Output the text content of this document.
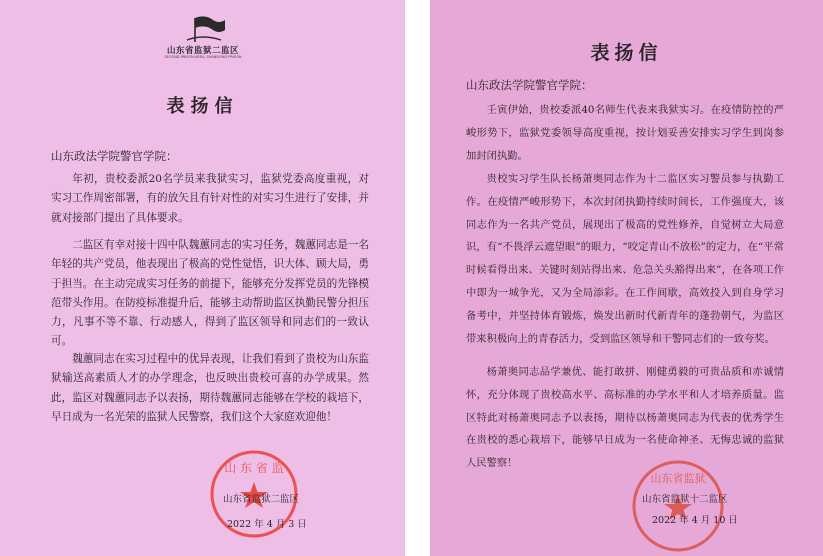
山东省监狱二监区
SECOND PRISON AREA, SHANDONG PRISON
表扬信
山东政法学院警官学院：
年初，贵校委派20名学员来我狱实习，监狱党委高度重视，对实习工作周密部署，有的放矢且有针对性的对实习生进行了安排，并就对接部门提出了具体要求。
二监区有幸对接十四中队魏蕙同志的实习任务，魏蕙同志是一名年轻的共产党员，他表现出了极高的党性觉悟，识大体、顾大局，勇于担当。在主动完成实习任务的前提下，能够充分发挥党员的先锋模范带头作用。在防疫标准提升后，能够主动帮助监区执勤民警分担压力，凡事不等不靠、行动感人，得到了监区领导和同志们的一致认可。
魏蕙同志在实习过程中的优异表现，让我们看到了贵校为山东监狱输送高素质人才的办学理念，也反映出贵校可喜的办学成果。然此，监区对魏蕙同志予以表扬，期待魏蕙同志能够在学校的栽培下，早日成为一名光荣的监狱人民警察，我们这个大家庭欢迎他！
山 东 省 监
山东省监狱二监区
2022 年 4 月 3 日
表扬信
山东政法学院警官学院：
壬寅伊始，贵校委派40名师生代表来我狱实习。在疫情防控的严峻形势下，监狱党委领导高度重视，按计划妥善安排实习学生到岗参加封闭执勤。
贵校实习学生队长杨萧奥同志作为十二监区实习警员参与执勤工作。在疫情严峻形势下，本次封闭执勤持续时间长，工作强度大，该同志作为一名共产党员，展现出了极高的党性修养，自觉树立大局意识，有“不畏浮云遮望眼”的眼力，“咬定青山不放松”的定力，在“平常时候看得出来、关键时刻站得出来、危急关头豁得出来”，在各项工作中即为一城争光，又为全局添彩。在工作间歇，高效投入到自身学习备考中，并坚持体育锻炼，焕发出新时代新青年的蓬勃朝气，为监区带来积极向上的青春活力，受到监区领导和干警同志们的一致夸奖。
杨萧奥同志品学兼优、能打敢拼、刚健勇毅的可贵品质和赤诚情怀，充分体现了贵校高水平、高标准的办学水平和人才培养质量。监区特此对杨萧奥同志予以表扬，期待以杨萧奥同志为代表的优秀学生在贵校的悉心栽培下，能够早日成为一名使命神圣、无悔忠诚的监狱人民警察！
山东省监狱
山东省监狱十二监区
2022 年 4 月 10 日
